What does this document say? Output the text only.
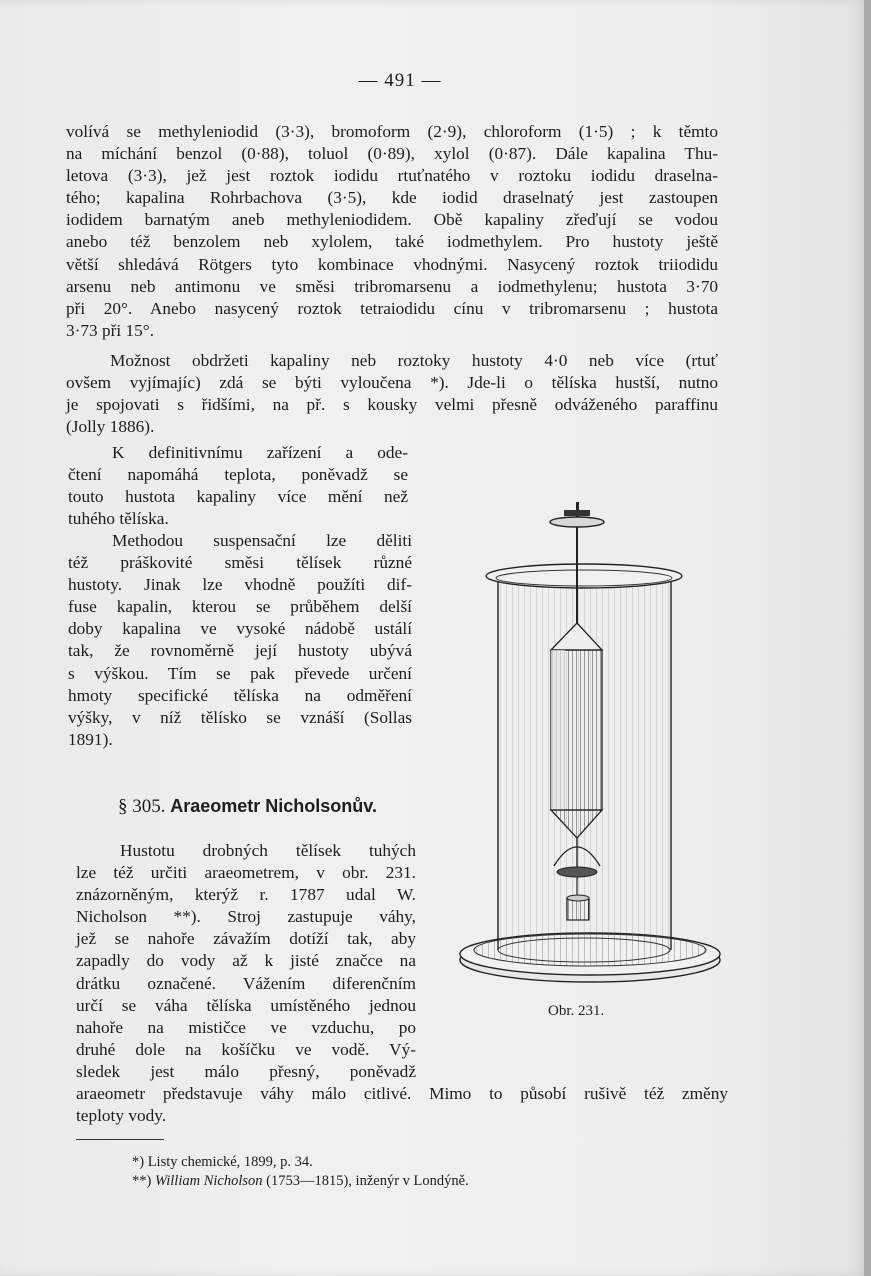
— 491 —
volívá se methyleniodid (3·3), bromoform (2·9), chloroform (1·5) ; k těmto
na míchání benzol (0·88), toluol (0·89), xylol (0·87). Dále kapalina Thu-
letova (3·3), jež jest roztok iodidu rtuťnatého v roztoku iodidu draselna-
tého; kapalina Rohrbachova (3·5), kde iodid draselnatý jest zastoupen
iodidem barnatým aneb methyleniodidem. Obě kapaliny zřeďují se vodou
anebo též benzolem neb xylolem, také iodmethylem. Pro hustoty ještě
větší shledává Rötgers tyto kombinace vhodnými. Nasycený roztok triiodidu
arsenu neb antimonu ve směsi tribromarsenu a iodmethylenu; hustota 3·70
při 20°. Anebo nasycený roztok tetraiodidu cínu v tribromarsenu ; hustota
3·73 při 15°.
Možnost obdržeti kapaliny neb roztoky hustoty 4·0 neb více (rtuť
ovšem vyjímajíc) zdá se býti vyloučena *). Jde-li o tělíska hustší, nutno
je spojovati s řidšími, na př. s kousky velmi přesně odváženého paraffinu
(Jolly 1886).
K definitivnímu zařízení a ode-
čtení napomáhá teplota, poněvadž se
touto hustota kapaliny více mění než
tuhého tělíska.
Methodou suspensační lze děliti
též práškovité směsi tělísek různé
hustoty. Jinak lze vhodně použíti dif-
fuse kapalin, kterou se průběhem delší
doby kapalina ve vysoké nádobě ustálí
tak, že rovnoměrně její hustoty ubývá
s výškou. Tím se pak převede určení
hmoty specifické tělíska na odměření
výšky, v níž tělísko se vznáší (Sollas
1891).
§ 305. Araeometr Nicholsonův.
Hustotu drobných tělísek tuhých
lze též určiti araeometrem, v obr. 231.
znázorněným, kterýž r. 1787 udal W.
Nicholson **). Stroj zastupuje váhy,
jež se nahoře závažím dotíží tak, aby
zapadly do vody až k jisté značce na
drátku označené. Vážením diferenčním
určí se váha tělíska umístěného jednou
nahoře na mističce ve vzduchu, po
druhé dole na košíčku ve vodě. Vý-
sledek jest málo přesný, poněvadž
araeometr představuje váhy málo citlivé. Mimo to působí rušivě též změny
teploty vody.
Obr. 231.
*) Listy chemické, 1899, p. 34.
**) William Nicholson (1753—1815), inženýr v Londýně.
